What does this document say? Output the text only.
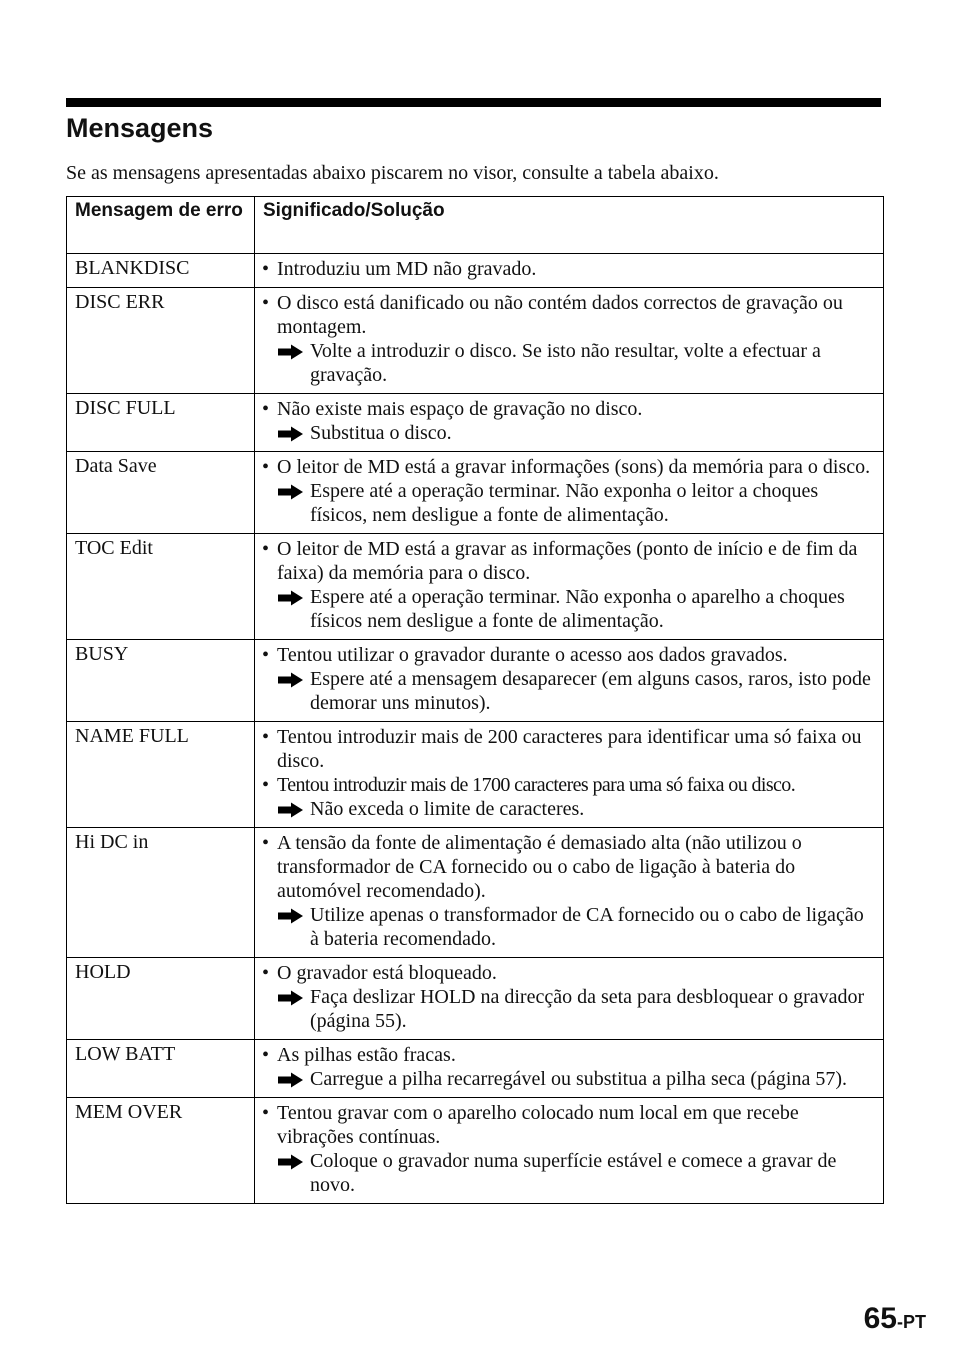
Mensagens

Se as mensagens apresentadas abaixo piscarem no visor, consulte a tabela abaixo.

Mensagem de erro	Significado/Solução

BLANKDISC	• Introduziu um MD não gravado.

DISC ERR	• O disco está danificado ou não contém dados correctos de gravação ou montagem.
Volte a introduzir o disco. Se isto não resultar, volte a efectuar a gravação.

DISC FULL	• Não existe mais espaço de gravação no disco.
Substitua o disco.

Data Save	• O leitor de MD está a gravar informações (sons) da memória para o disco.
Espere até a operação terminar. Não exponha o leitor a choques físicos, nem desligue a fonte de alimentação.

TOC Edit	• O leitor de MD está a gravar as informações (ponto de início e de fim da faixa) da memória para o disco.
Espere até a operação terminar. Não exponha o aparelho a choques físicos nem desligue a fonte de alimentação.

BUSY	• Tentou utilizar o gravador durante o acesso aos dados gravados.
Espere até a mensagem desaparecer (em alguns casos, raros, isto pode demorar uns minutos).

NAME FULL	• Tentou introduzir mais de 200 caracteres para identificar uma só faixa ou disco.
• Tentou introduzir mais de 1700 caracteres para uma só faixa ou disco.
Não exceda o limite de caracteres.

Hi DC in	• A tensão da fonte de alimentação é demasiado alta (não utilizou o transformador de CA fornecido ou o cabo de ligação à bateria do automóvel recomendado).
Utilize apenas o transformador de CA fornecido ou o cabo de ligação à bateria recomendado.

HOLD	• O gravador está bloqueado.
Faça deslizar HOLD na direcção da seta para desbloquear o gravador (página 55).

LOW BATT	• As pilhas estão fracas.
Carregue a pilha recarregável ou substitua a pilha seca (página 57).

MEM OVER	• Tentou gravar com o aparelho colocado num local em que recebe vibrações contínuas.
Coloque o gravador numa superfície estável e comece a gravar de novo.
65-PT
